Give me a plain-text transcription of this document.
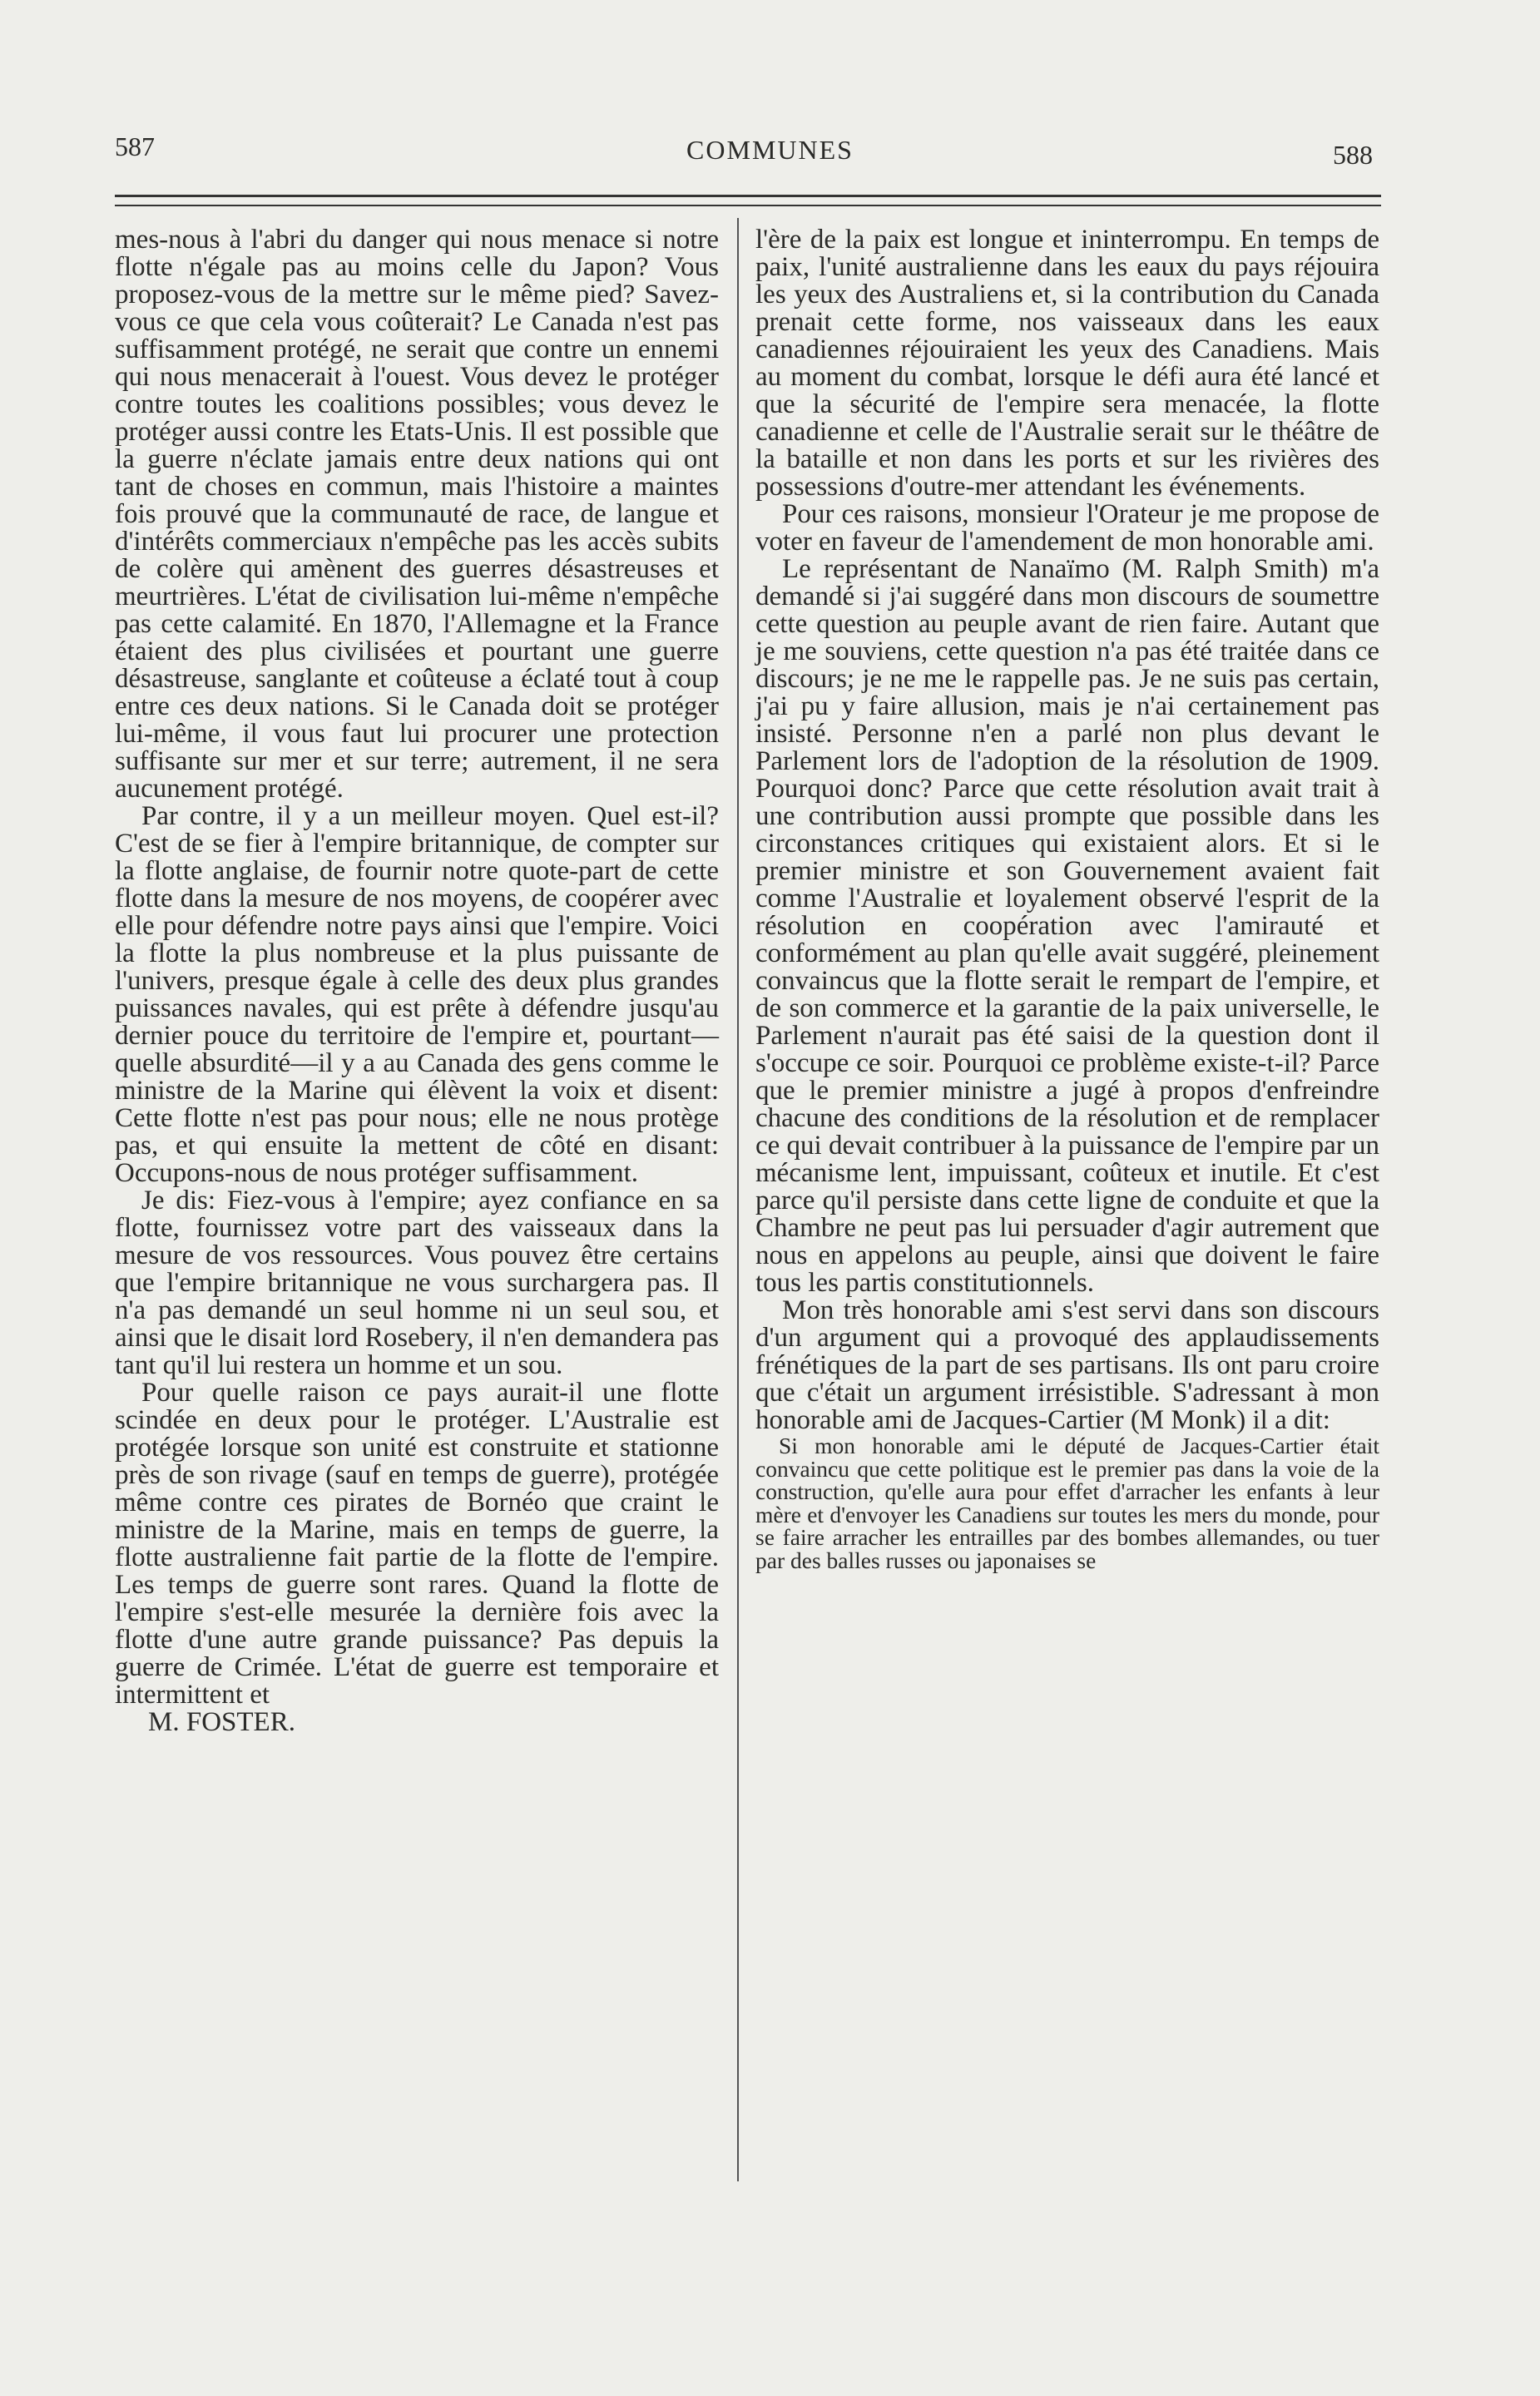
587	COMMUNES	588

mes-nous à l'abri du danger qui nous menace si notre flotte n'égale pas au moins celle du Japon? Vous proposez-vous de la mettre sur le même pied? Savez-vous ce que cela vous coûterait? Le Canada n'est pas suffisamment protégé, ne serait que contre un ennemi qui nous menacerait à l'ouest. Vous devez le protéger contre toutes les coalitions possibles; vous devez le protéger aussi contre les Etats-Unis. Il est possible que la guerre n'éclate jamais entre deux nations qui ont tant de choses en commun, mais l'histoire a maintes fois prouvé que la communauté de race, de langue et d'intérêts commerciaux n'empêche pas les accès subits de colère qui amènent des guerres désastreuses et meurtrières. L'état de civilisation lui-même n'empêche pas cette calamité. En 1870, l'Allemagne et la France étaient des plus civilisées et pourtant une guerre désastreuse, sanglante et coûteuse a éclaté tout à coup entre ces deux nations. Si le Canada doit se protéger lui-même, il vous faut lui procurer une protection suffisante sur mer et sur terre; autrement, il ne sera aucunement protégé.

Par contre, il y a un meilleur moyen. Quel est-il? C'est de se fier à l'empire britannique, de compter sur la flotte anglaise, de fournir notre quote-part de cette flotte dans la mesure de nos moyens, de coopérer avec elle pour défendre notre pays ainsi que l'empire. Voici la flotte la plus nombreuse et la plus puissante de l'univers, presque égale à celle des deux plus grandes puissances navales, qui est prête à défendre jusqu'au dernier pouce du territoire de l'empire et, pourtant—quelle absurdité—il y a au Canada des gens comme le ministre de la Marine qui élèvent la voix et disent: Cette flotte n'est pas pour nous; elle ne nous protège pas, et qui ensuite la mettent de côté en disant: Occupons-nous de nous protéger suffisamment.

Je dis: Fiez-vous à l'empire; ayez confiance en sa flotte, fournissez votre part des vaisseaux dans la mesure de vos ressources. Vous pouvez être certains que l'empire britannique ne vous surchargera pas. Il n'a pas demandé un seul homme ni un seul sou, et ainsi que le disait lord Rosebery, il n'en demandera pas tant qu'il lui restera un homme et un sou.

Pour quelle raison ce pays aurait-il une flotte scindée en deux pour le protéger. L'Australie est protégée lorsque son unité est construite et stationne près de son rivage (sauf en temps de guerre), protégée même contre ces pirates de Bornéo que craint le ministre de la Marine, mais en temps de guerre, la flotte australienne fait partie de la flotte de l'empire. Les temps de guerre sont rares. Quand la flotte de l'empire s'est-elle mesurée la dernière fois avec la flotte d'une autre grande puissance? Pas depuis la guerre de Crimée. L'état de guerre est temporaire et intermittent et

M. FOSTER.

l'ère de la paix est longue et ininterrompu. En temps de paix, l'unité australienne dans les eaux du pays réjouira les yeux des Australiens et, si la contribution du Canada prenait cette forme, nos vaisseaux dans les eaux canadiennes réjouiraient les yeux des Canadiens. Mais au moment du combat, lorsque le défi aura été lancé et que la sécurité de l'empire sera menacée, la flotte canadienne et celle de l'Australie serait sur le théâtre de la bataille et non dans les ports et sur les rivières des possessions d'outre-mer attendant les événements.

Pour ces raisons, monsieur l'Orateur je me propose de voter en faveur de l'amendement de mon honorable ami.

Le représentant de Nanaïmo (M. Ralph Smith) m'a demandé si j'ai suggéré dans mon discours de soumettre cette question au peuple avant de rien faire. Autant que je me souviens, cette question n'a pas été traitée dans ce discours; je ne me le rappelle pas. Je ne suis pas certain, j'ai pu y faire allusion, mais je n'ai certainement pas insisté. Personne n'en a parlé non plus devant le Parlement lors de l'adoption de la résolution de 1909. Pourquoi donc? Parce que cette résolution avait trait à une contribution aussi prompte que possible dans les circonstances critiques qui existaient alors. Et si le premier ministre et son Gouvernement avaient fait comme l'Australie et loyalement observé l'esprit de la résolution en coopération avec l'amirauté et conformément au plan qu'elle avait suggéré, pleinement convaincus que la flotte serait le rempart de l'empire, et de son commerce et la garantie de la paix universelle, le Parlement n'aurait pas été saisi de la question dont il s'occupe ce soir. Pourquoi ce problème existe-t-il? Parce que le premier ministre a jugé à propos d'enfreindre chacune des conditions de la résolution et de remplacer ce qui devait contribuer à la puissance de l'empire par un mécanisme lent, impuissant, coûteux et inutile. Et c'est parce qu'il persiste dans cette ligne de conduite et que la Chambre ne peut pas lui persuader d'agir autrement que nous en appelons au peuple, ainsi que doivent le faire tous les partis constitutionnels.

Mon très honorable ami s'est servi dans son discours d'un argument qui a provoqué des applaudissements frénétiques de la part de ses partisans. Ils ont paru croire que c'était un argument irrésistible. S'adressant à mon honorable ami de Jacques-Cartier (M Monk) il a dit:

Si mon honorable ami le député de Jacques-Cartier était convaincu que cette politique est le premier pas dans la voie de la construction, qu'elle aura pour effet d'arracher les enfants à leur mère et d'envoyer les Canadiens sur toutes les mers du monde, pour se faire arracher les entrailles par des bombes allemandes, ou tuer par des balles russes ou japonaises se
